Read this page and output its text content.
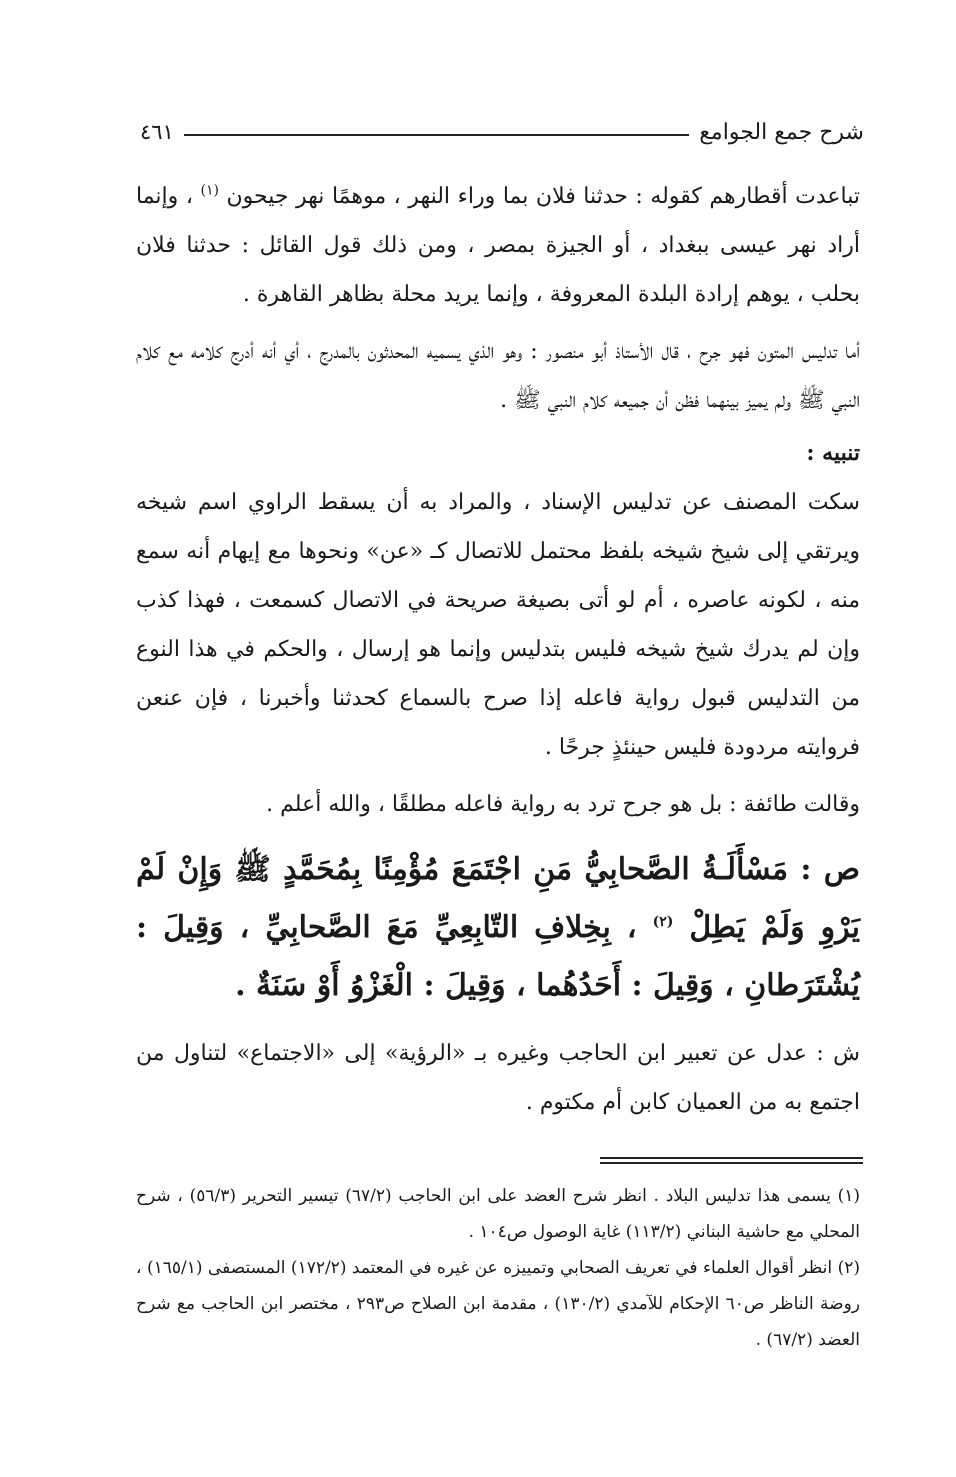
شرح جمع الجوامع
٤٦١

تباعدت أقطارهم كقوله : حدثنا فلان بما وراء النهر ، موهمًا نهر جيحون $^{(١)}$ ، وإنما أراد نهر عيسى ببغداد ، أو الجيزة بمصر ، ومن ذلك قول القائل : حدثنا فلان بحلب ، يوهم إرادة البلدة المعروفة ، وإنما يريد محلة بظاهر القاهرة .

أما تدليس المتون فهو جرح ، قال الأستاذ أبو منصور : وهو الذي يسميه المحدثون بالمدرج ، أي أنه أدرج كلامه مع كلام النبي ﷺ ولم يميز بينهما فظن أن جميعه كلام النبي ﷺ .

تنبيه :

سكت المصنف عن تدليس الإسناد ، والمراد به أن يسقط الراوي اسم شيخه ويرتقي إلى شيخ شيخه بلفظ محتمل للاتصال كـ «عن» ونحوها مع إيهام أنه سمع منه ، لكونه عاصره ، أم لو أتى بصيغة صريحة في الاتصال كسمعت ، فهذا كذب وإن لم يدرك شيخ شيخه فليس بتدليس وإنما هو إرسال ، والحكم في هذا النوع من التدليس قبول رواية فاعله إذا صرح بالسماع كحدثنا وأخبرنا ، فإن عنعن فروايته مردودة فليس حينئذٍ جرحًا .

وقالت طائفة : بل هو جرح ترد به رواية فاعله مطلقًا ، والله أعلم .

ص : مَسْأَلَـةُ الصَّحابِيُّ مَنِ اجْتَمَعَ مُؤْمِنًا بِمُحَمَّدٍ ﷺ وَإِنْ لَمْ يَرْوِ وَلَمْ يَطِلْ $^{(٢)}$ ، بِخِلافِ التّابِعِيِّ مَعَ الصَّحابِيِّ ، وَقِيلَ : يُشْتَرَطانِ ، وَقِيلَ : أَحَدُهُما ، وَقِيلَ : الْغَزْوُ أَوْ سَنَةٌ .

ش : عدل عن تعبير ابن الحاجب وغيره بـ «الرؤية» إلى «الاجتماع» لتناول من اجتمع به من العميان كابن أم مكتوم .

(١) يسمى هذا تدليس البلاد . انظر شرح العضد على ابن الحاجب (٦٧/٢) تيسير التحرير (٥٦/٣) ، شرح المحلي مع حاشية البناني (١١٣/٢) غاية الوصول ص١٠٤ .

(٢) انظر أقوال العلماء في تعريف الصحابي وتمييزه عن غيره في المعتمد (١٧٢/٢) المستصفى (١٦٥/١) ، روضة الناظر ص٦٠ الإحكام للآمدي (١٣٠/٢) ، مقدمة ابن الصلاح ص٢٩٣ ، مختصر ابن الحاجب مع شرح العضد (٦٧/٢) .
